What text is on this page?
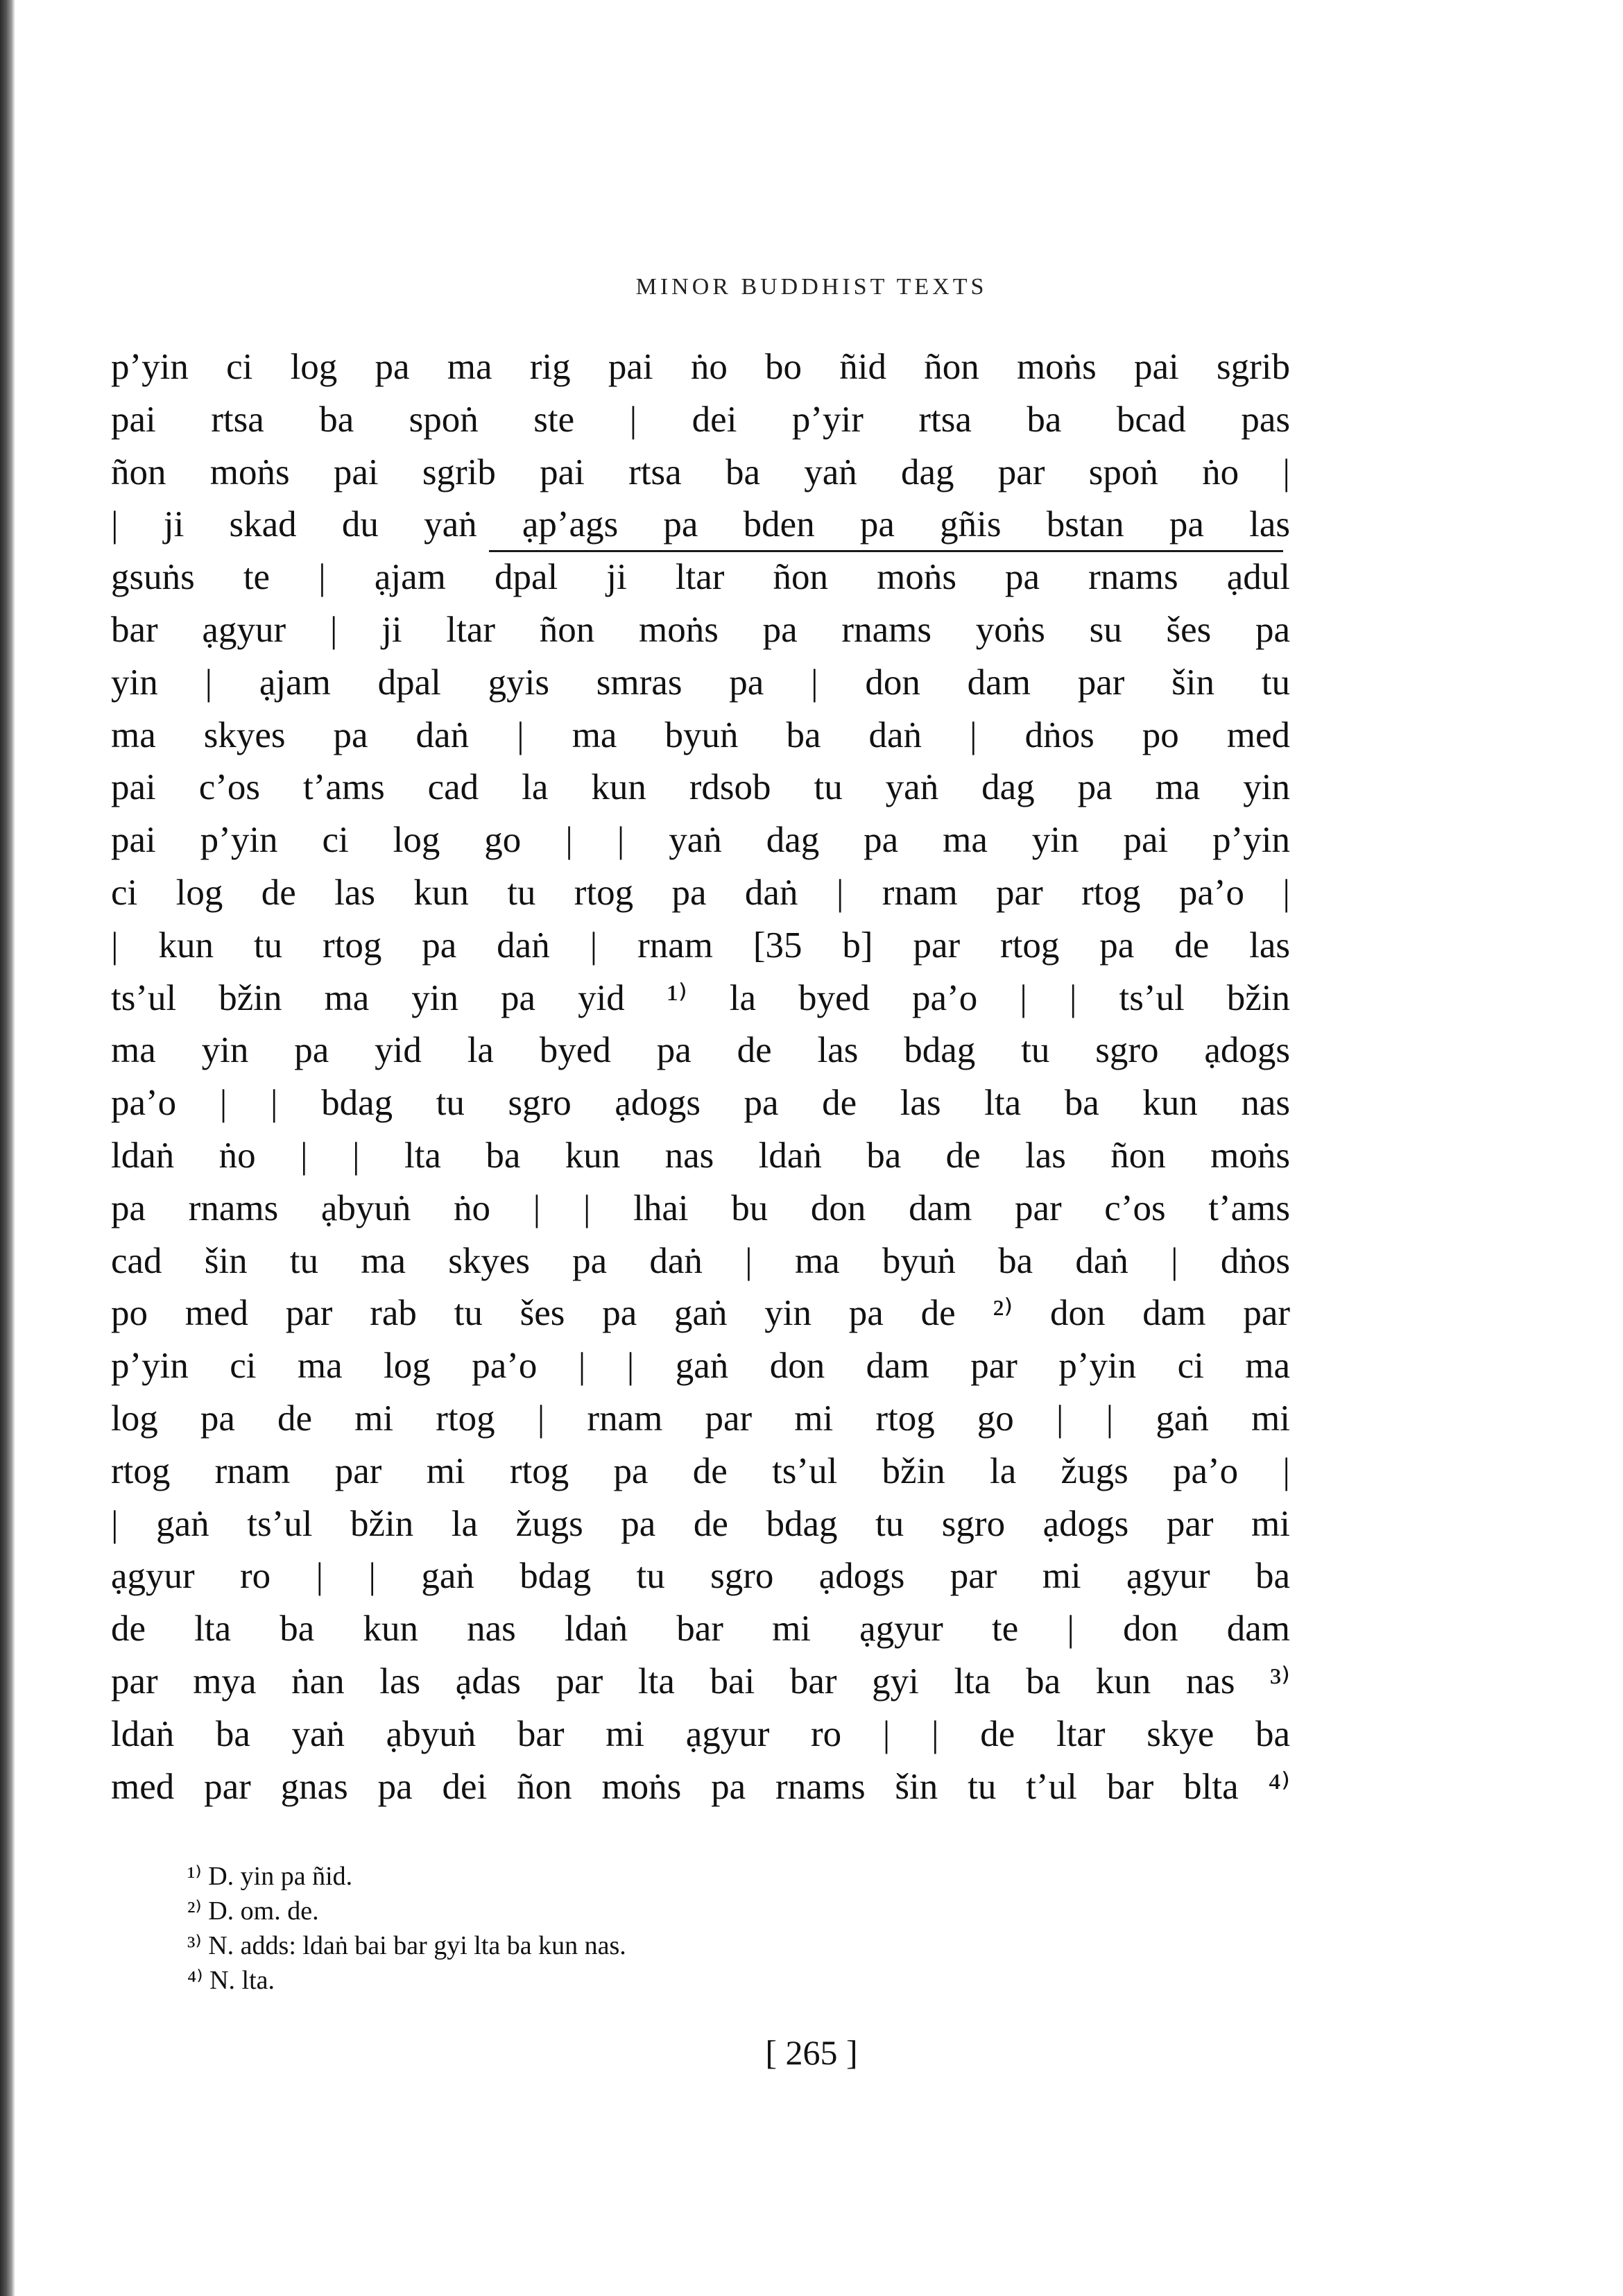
MINOR BUDDHIST TEXTS
p’yin ci log pa ma rig pai ṅo bo ñid ñon moṅs pai sgrib
pai rtsa ba spoṅ ste | dei p’yir rtsa ba bcad pas
ñon moṅs pai sgrib pai rtsa ba yaṅ dag par spoṅ ṅo |
| ji skad du yaṅ ạp’ags pa bden pa gñis bstan pa las
gsuṅs te | ạjam dpal ji ltar ñon moṅs pa rnams ạdul
bar ạgyur | ji ltar ñon moṅs pa rnams yoṅs su šes pa
yin | ạjam dpal gyis smras pa | don dam par šin tu
ma skyes pa daṅ | ma byuṅ ba daṅ | dṅos po med
pai c’os t’ams cad la kun rdsob tu yaṅ dag pa ma yin
pai p’yin ci log go | | yaṅ dag pa ma yin pai p’yin
ci log de las kun tu rtog pa daṅ | rnam par rtog pa’o |
| kun tu rtog pa daṅ | rnam [35 b] par rtog pa de las
ts’ul bžin ma yin pa yid ¹⁾ la byed pa’o | | ts’ul bžin
ma yin pa yid la byed pa de las bdag tu sgro ạdogs
pa’o | | bdag tu sgro ạdogs pa de las lta ba kun nas
ldaṅ ṅo | | lta ba kun nas ldaṅ ba de las ñon moṅs
pa rnams ạbyuṅ ṅo | | lhai bu don dam par c’os t’ams
cad šin tu ma skyes pa daṅ | ma byuṅ ba daṅ | dṅos
po med par rab tu šes pa gaṅ yin pa de ²⁾ don dam par
p’yin ci ma log pa’o | | gaṅ don dam par p’yin ci ma
log pa de mi rtog | rnam par mi rtog go | | gaṅ mi
rtog rnam par mi rtog pa de ts’ul bžin la žugs pa’o |
| gaṅ ts’ul bžin la žugs pa de bdag tu sgro ạdogs par mi
ạgyur ro | | gaṅ bdag tu sgro ạdogs par mi ạgyur ba
de lta ba kun nas ldaṅ bar mi ạgyur te | don dam
par mya ṅan las ạdas par lta bai bar gyi lta ba kun nas ³⁾
ldaṅ ba yaṅ ạbyuṅ bar mi ạgyur ro | | de ltar skye ba
med par gnas pa dei ñon moṅs pa rnams šin tu t’ul bar blta ⁴⁾
¹⁾ D. yin pa ñid.
²⁾ D. om. de.
³⁾ N. adds: ldaṅ bai bar gyi lta ba kun nas.
⁴⁾ N. lta.
[ 265 ]
